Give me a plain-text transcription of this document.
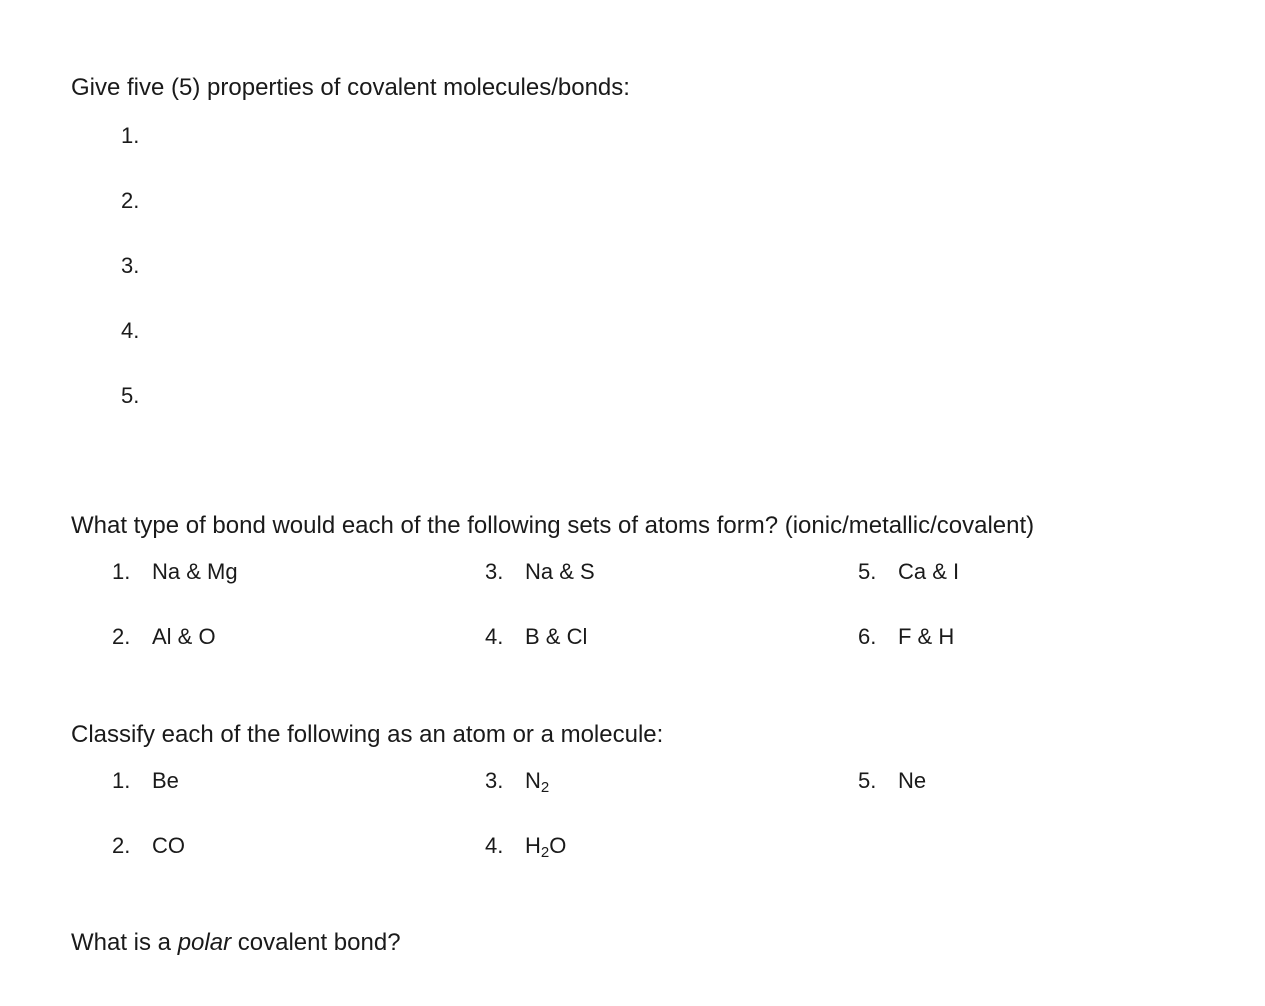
Give five (5) properties of covalent molecules/bonds:
1.
2.
3.
4.
5.
What type of bond would each of the following sets of atoms form? (ionic/metallic/covalent)
1. Na & Mg
2. Al & O
3. Na & S
4. B & Cl
5. Ca & I
6. F & H
Classify each of the following as an atom or a molecule:
1. Be
2. CO
3. $N_2$
4. $H_2O$
5. Ne
What is a polar covalent bond?
